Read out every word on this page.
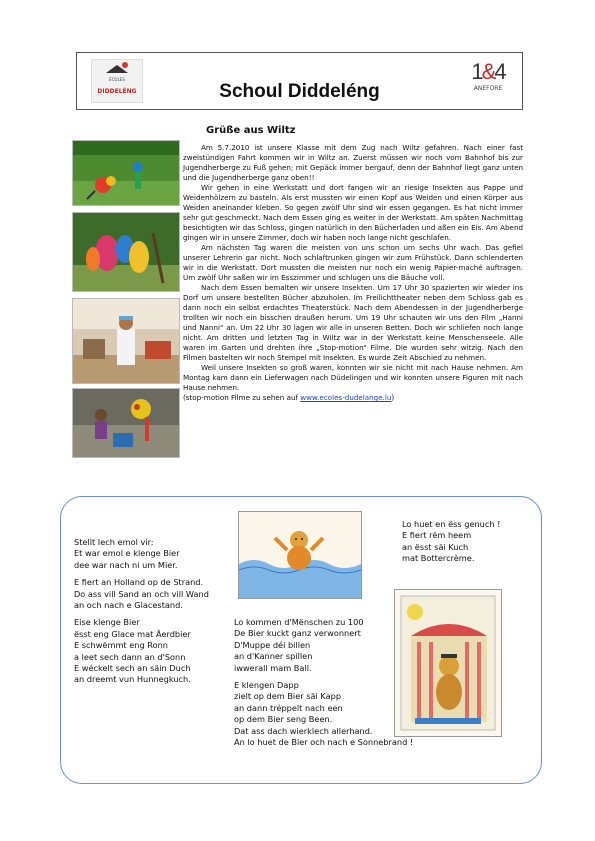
ÉCOLES
DIDDELÉNG	Schoul Diddeléng
1&4
ANEFORE
Grüße aus Wiltz

Am 5.7.2010 ist unsere Klasse mit dem Zug nach Wiltz gefahren. Nach einer fast zweistündigen Fahrt kommen wir in Wiltz an. Zuerst müssen wir noch vom Bahnhof bis zur Jugendherberge zu Fuß gehen; mit Gepäck immer bergauf, denn der Bahnhof liegt ganz unten und die Jugendherberge ganz oben!!

Wir gehen in eine Werkstatt und dort fangen wir an riesige Insekten aus Pappe und Weidenhölzern zu basteln. Als erst mussten wir einen Kopf aus Weiden und einen Körper aus Weiden aneinander kleben. So gegen zwölf Uhr sind wir essen gegangen. Es hat nicht immer sehr gut geschmeckt. Nach dem Essen ging es weiter in der Werkstatt. Am späten Nachmittag besichtigten wir das Schloss, gingen natürlich in den Bücherladen und aßen ein Eis. Am Abend gingen wir in unsere Zimmer, doch wir haben noch lange nicht geschlafen.

Am nächsten Tag waren die meisten von uns schon um sechs Uhr wach. Das gefiel unserer Lehrerin gar nicht. Noch schlaftrunken gingen wir zum Frühstück. Dann schlenderten wir in die Werkstatt. Dort mussten die meisten nur noch ein wenig Papier-maché auftragen. Um zwölf Uhr saßen wir im Esszimmer und schlugen uns die Bäuche voll.

Nach dem Essen bemalten wir unsere Insekten. Um 17 Uhr 30 spazierten wir wieder ins Dorf um unsere bestellten Bücher abzuholen. Im Freilichttheater neben dem Schloss gab es dann noch ein selbst erdachtes Theaterstück. Nach dem Abendessen in der Jugendherberge trollten wir noch ein bisschen draußen herum. Um 19 Uhr schauten wir uns den Film „Hanni und Nanni“ an. Um 22 Uhr 30 lagen wir alle in unseren Betten. Doch wir schliefen noch lange nicht. Am dritten und letzten Tag in Wiltz war in der Werkstatt keine Menschenseele. Alle waren im Garten und drehten ihre „Stop-motion“ Filme. Die wurden sehr witzig. Nach den Filmen bastelten wir noch Stempel mit Insekten. Es wurde Zeit Abschied zu nehmen.

Weil unsere Insekten so groß waren, konnten wir sie nicht mit nach Hause nehmen. Am Montag kam dann ein Lieferwagen nach Düdelingen und wir konnten unsere Figuren mit nach Hause nehmen.

(stop-motion Filme zu sehen auf www.ecoles-dudelange.lu)

Stellt Iech emol vir:
Et war emol e klenge Bier
dee war nach ni um Mier.
E fiert an Holland op de Strand.
Do ass vill Sand an och vill Wand
an och nach e Glacestand.
Eise klenge Bier
ësst eng Glace mat Äerdbier
E schwëmmt eng Ronn
a leet sech dann an d'Sonn
E wéckelt sech an säin Duch
an dreemt vun Hunnegkuch.
Lo kommen d'Mënschen zu 100
De Bier kuckt ganz verwonnert
D'Muppe déi billen
an d'Kanner spillen
iwwerall mam Ball.
E klengen Dapp
zielt op dem Bier säi Kapp
an dann tréppelt nach een
op dem Bier seng Been.
Dat ass dach wierklech allerhand.
An lo huet de Bier och nach e Sonnebrand !
Lo huet en ëss genuch !
E fiert rëm heem
an ësst säi Kuch
mat Bottercrème.
